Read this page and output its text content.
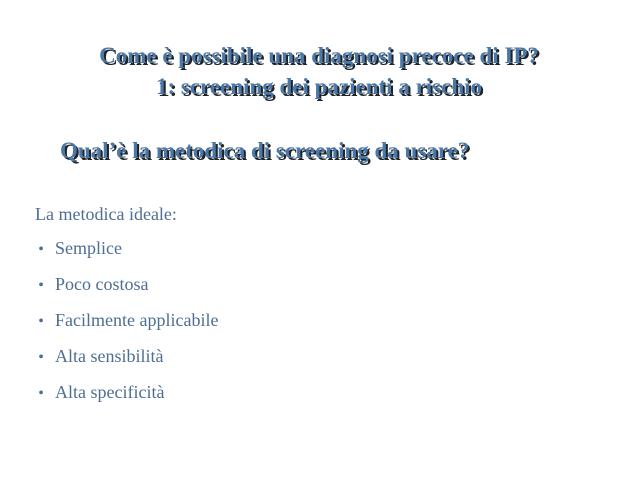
Come è possibile una diagnosi precoce di IP?
1: screening dei pazienti a rischio
Qual’è la metodica di screening da usare?
La metodica ideale:
• Semplice
• Poco costosa
• Facilmente applicabile
• Alta sensibilità
• Alta specificità
